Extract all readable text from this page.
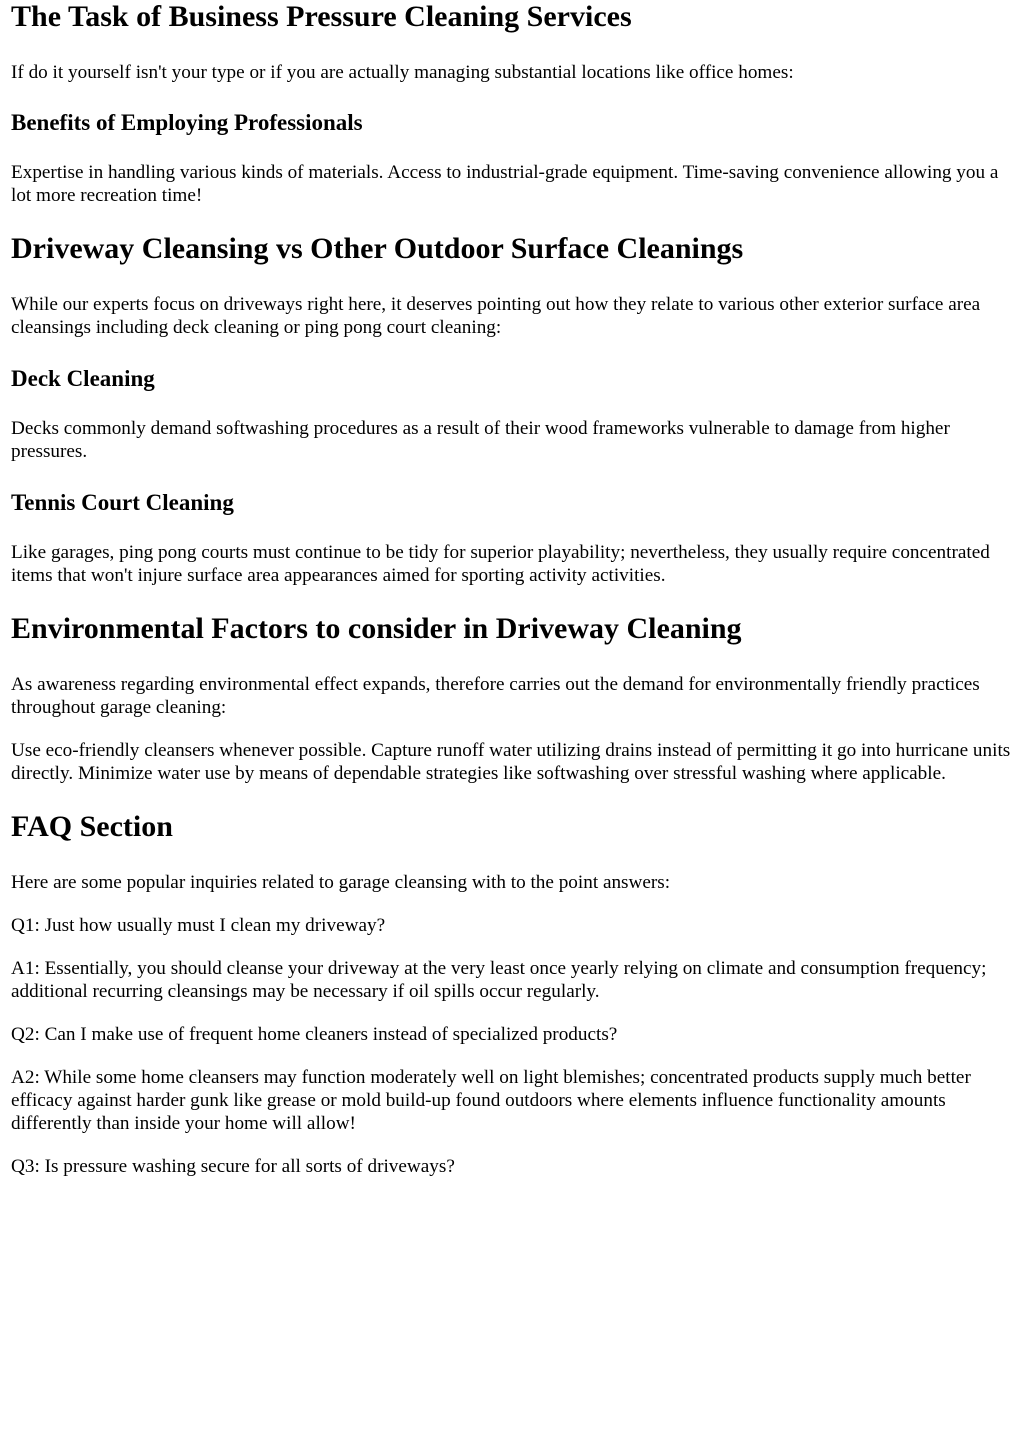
The Task of Business Pressure Cleaning Services

If do it yourself isn't your type or if you are actually managing substantial locations like office homes:

Benefits of Employing Professionals

Expertise in handling various kinds of materials. Access to industrial-grade equipment. Time-saving convenience allowing you a lot more recreation time!

Driveway Cleansing vs Other Outdoor Surface Cleanings

While our experts focus on driveways right here, it deserves pointing out how they relate to various other exterior surface area cleansings including deck cleaning or ping pong court cleaning:

Deck Cleaning

Decks commonly demand softwashing procedures as a result of their wood frameworks vulnerable to damage from higher pressures.

Tennis Court Cleaning

Like garages, ping pong courts must continue to be tidy for superior playability; nevertheless, they usually require concentrated items that won't injure surface area appearances aimed for sporting activity activities.

Environmental Factors to consider in Driveway Cleaning

As awareness regarding environmental effect expands, therefore carries out the demand for environmentally friendly practices throughout garage cleaning:

Use eco-friendly cleansers whenever possible. Capture runoff water utilizing drains instead of permitting it go into hurricane units directly. Minimize water use by means of dependable strategies like softwashing over stressful washing where applicable.

FAQ Section

Here are some popular inquiries related to garage cleansing with to the point answers:

Q1: Just how usually must I clean my driveway?

A1: Essentially, you should cleanse your driveway at the very least once yearly relying on climate and consumption frequency; additional recurring cleansings may be necessary if oil spills occur regularly.

Q2: Can I make use of frequent home cleaners instead of specialized products?

A2: While some home cleansers may function moderately well on light blemishes; concentrated products supply much better efficacy against harder gunk like grease or mold build-up found outdoors where elements influence functionality amounts differently than inside your home will allow!

Q3: Is pressure washing secure for all sorts of driveways?
